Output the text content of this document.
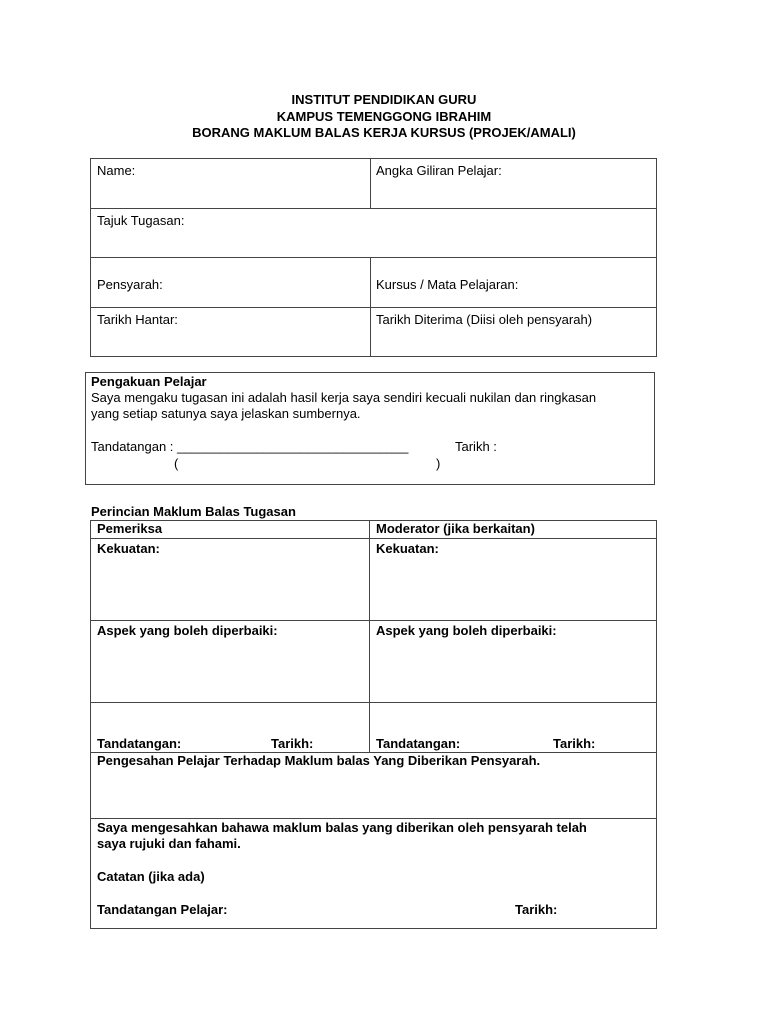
INSTITUT PENDIDIKAN GURU
KAMPUS TEMENGGONG IBRAHIM
BORANG MAKLUM BALAS KERJA KURSUS (PROJEK/AMALI)
Name:	Angka Giliran Pelajar:
Tajuk Tugasan:
Pensyarah:	Kursus / Mata Pelajaran:
Tarikh Hantar:	Tarikh Diterima (Diisi oleh pensyarah)
Pengakuan Pelajar
Saya mengaku tugasan ini adalah hasil kerja saya sendiri kecuali nukilan dan ringkasan
yang setiap satunya saya jelaskan sumbernya.
Tandatangan : ________________________________	Tarikh :
(	)
Perincian Maklum Balas Tugasan
Pemeriksa	Moderator (jika berkaitan)
Kekuatan:	Kekuatan:
Aspek yang boleh diperbaiki:	Aspek yang boleh diperbaiki:
Tandatangan:	Tarikh:	Tandatangan:	Tarikh:
Pengesahan Pelajar Terhadap Maklum balas Yang Diberikan Pensyarah.
Saya mengesahkan bahawa maklum balas yang diberikan oleh pensyarah telah
saya rujuki dan fahami.
Catatan (jika ada)
Tandatangan Pelajar:	Tarikh:
